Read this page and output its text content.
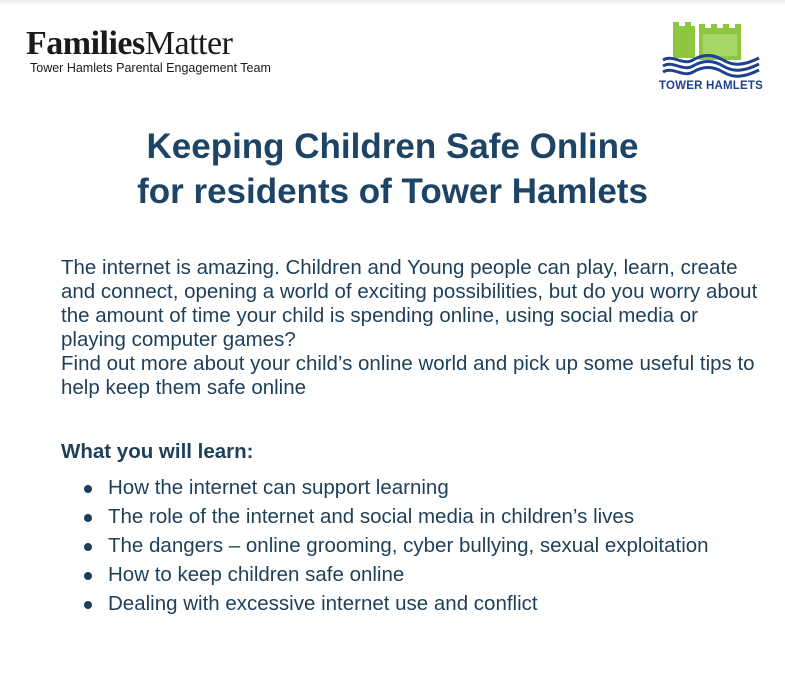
FamiliesMatter
Tower Hamlets Parental Engagement Team
TOWER HAMLETS
Keeping Children Safe Online
for residents of Tower Hamlets

The internet is amazing. Children and Young people can play, learn, create and connect, opening a world of exciting possibilities, but do you worry about the amount of time your child is spending online, using social media or playing computer games?

Find out more about your child’s online world and pick up some useful tips to help keep them safe online

What you will learn:
How the internet can support learning
The role of the internet and social media in children’s lives
The dangers – online grooming, cyber bullying, sexual exploitation
How to keep children safe online
Dealing with excessive internet use and conflict
